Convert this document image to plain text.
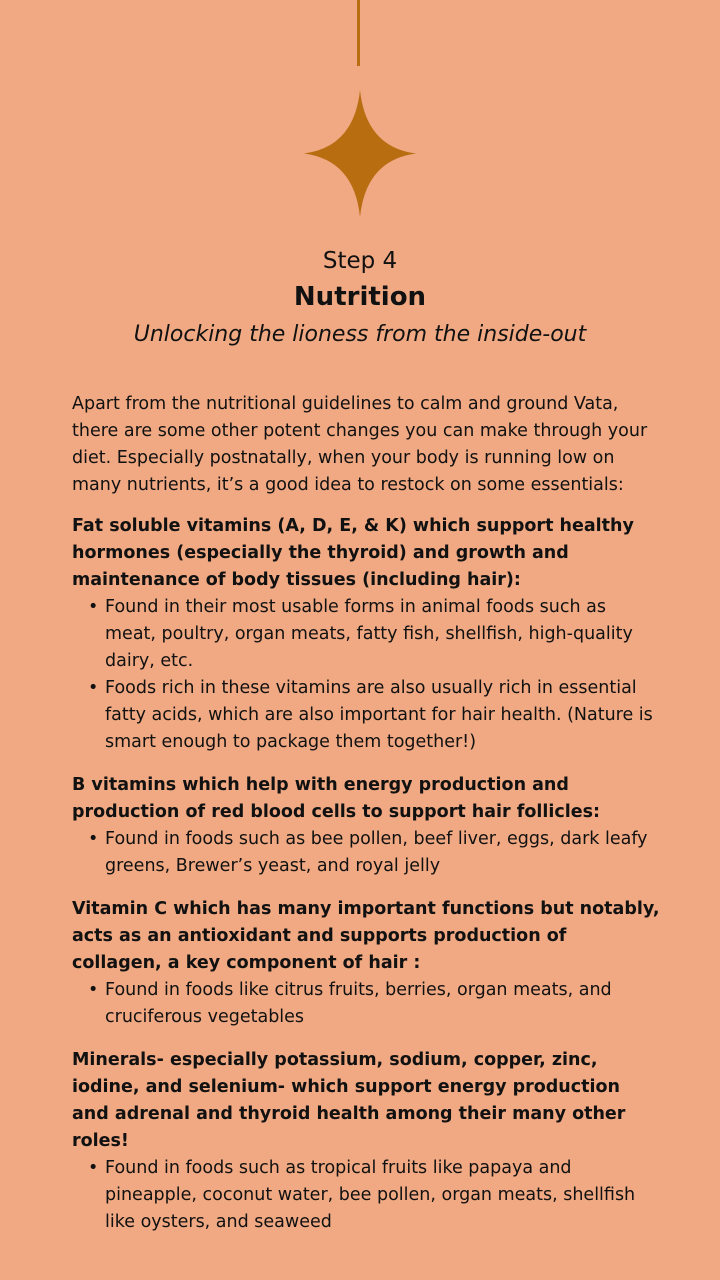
Step 4
Nutrition
Unlocking the lioness from the inside-out

Apart from the nutritional guidelines to calm and ground Vata, there are some other potent changes you can make through your diet. Especially postnatally, when your body is running low on many nutrients, it’s a good idea to restock on some essentials:

Fat soluble vitamins (A, D, E, & K) which support healthy hormones (especially the thyroid) and growth and maintenance of body tissues (including hair):

• Found in their most usable forms in animal foods such as meat, poultry, organ meats, fatty fish, shellfish, high-quality dairy, etc.
• Foods rich in these vitamins are also usually rich in essential fatty acids, which are also important for hair health. (Nature is smart enough to package them together!)

B vitamins which help with energy production and production of red blood cells to support hair follicles:

• Found in foods such as bee pollen, beef liver, eggs, dark leafy greens, Brewer’s yeast, and royal jelly

Vitamin C which has many important functions but notably, acts as an antioxidant and supports production of collagen, a key component of hair :

• Found in foods like citrus fruits, berries, organ meats, and cruciferous vegetables

Minerals- especially potassium, sodium, copper, zinc, iodine, and selenium- which support energy production and adrenal and thyroid health among their many other roles!

• Found in foods such as tropical fruits like papaya and pineapple, coconut water, bee pollen, organ meats, shellfish like oysters, and seaweed
